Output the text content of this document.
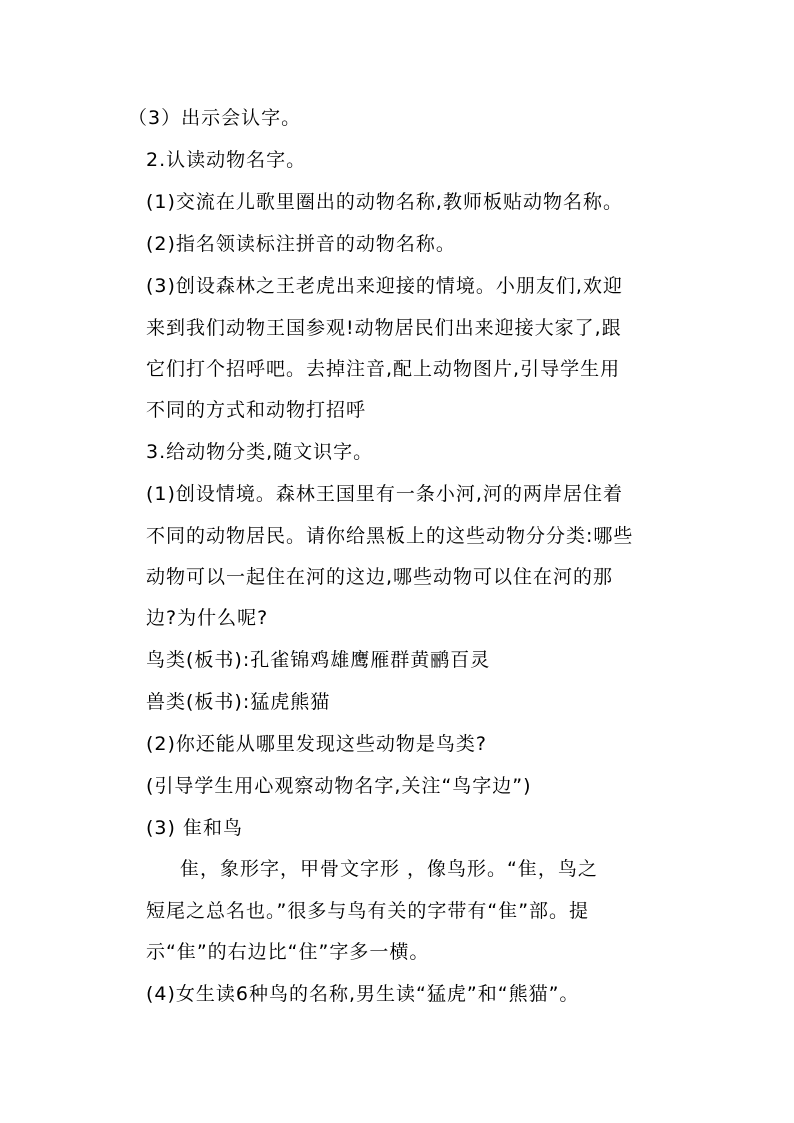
（3）出示会认字。
2.认读动物名字。
(1)交流在儿歌里圈出的动物名称,教师板贴动物名称。
(2)指名领读标注拼音的动物名称。
(3)创设森林之王老虎出来迎接的情境。小朋友们,欢迎
来到我们动物王国参观!动物居民们出来迎接大家了,跟
它们打个招呼吧。去掉注音,配上动物图片,引导学生用
不同的方式和动物打招呼
3.给动物分类,随文识字。
(1)创设情境。森林王国里有一条小河,河的两岸居住着
不同的动物居民。请你给黑板上的这些动物分分类:哪些
动物可以一起住在河的这边,哪些动物可以住在河的那
边?为什么呢?
鸟类(板书):孔雀锦鸡雄鹰雁群黄鹂百灵
兽类(板书):猛虎熊猫
(2)你还能从哪里发现这些动物是鸟类?
(引导学生用心观察动物名字,关注“鸟字边”)
(3) 隹和鸟
隹，象形字，甲骨文字形 ，像鸟形。“隹，鸟之
短尾之总名也。”很多与鸟有关的字带有“隹”部。提
示“隹”的右边比“住”字多一横。
(4)女生读6种鸟的名称,男生读“猛虎”和“熊猫”。
